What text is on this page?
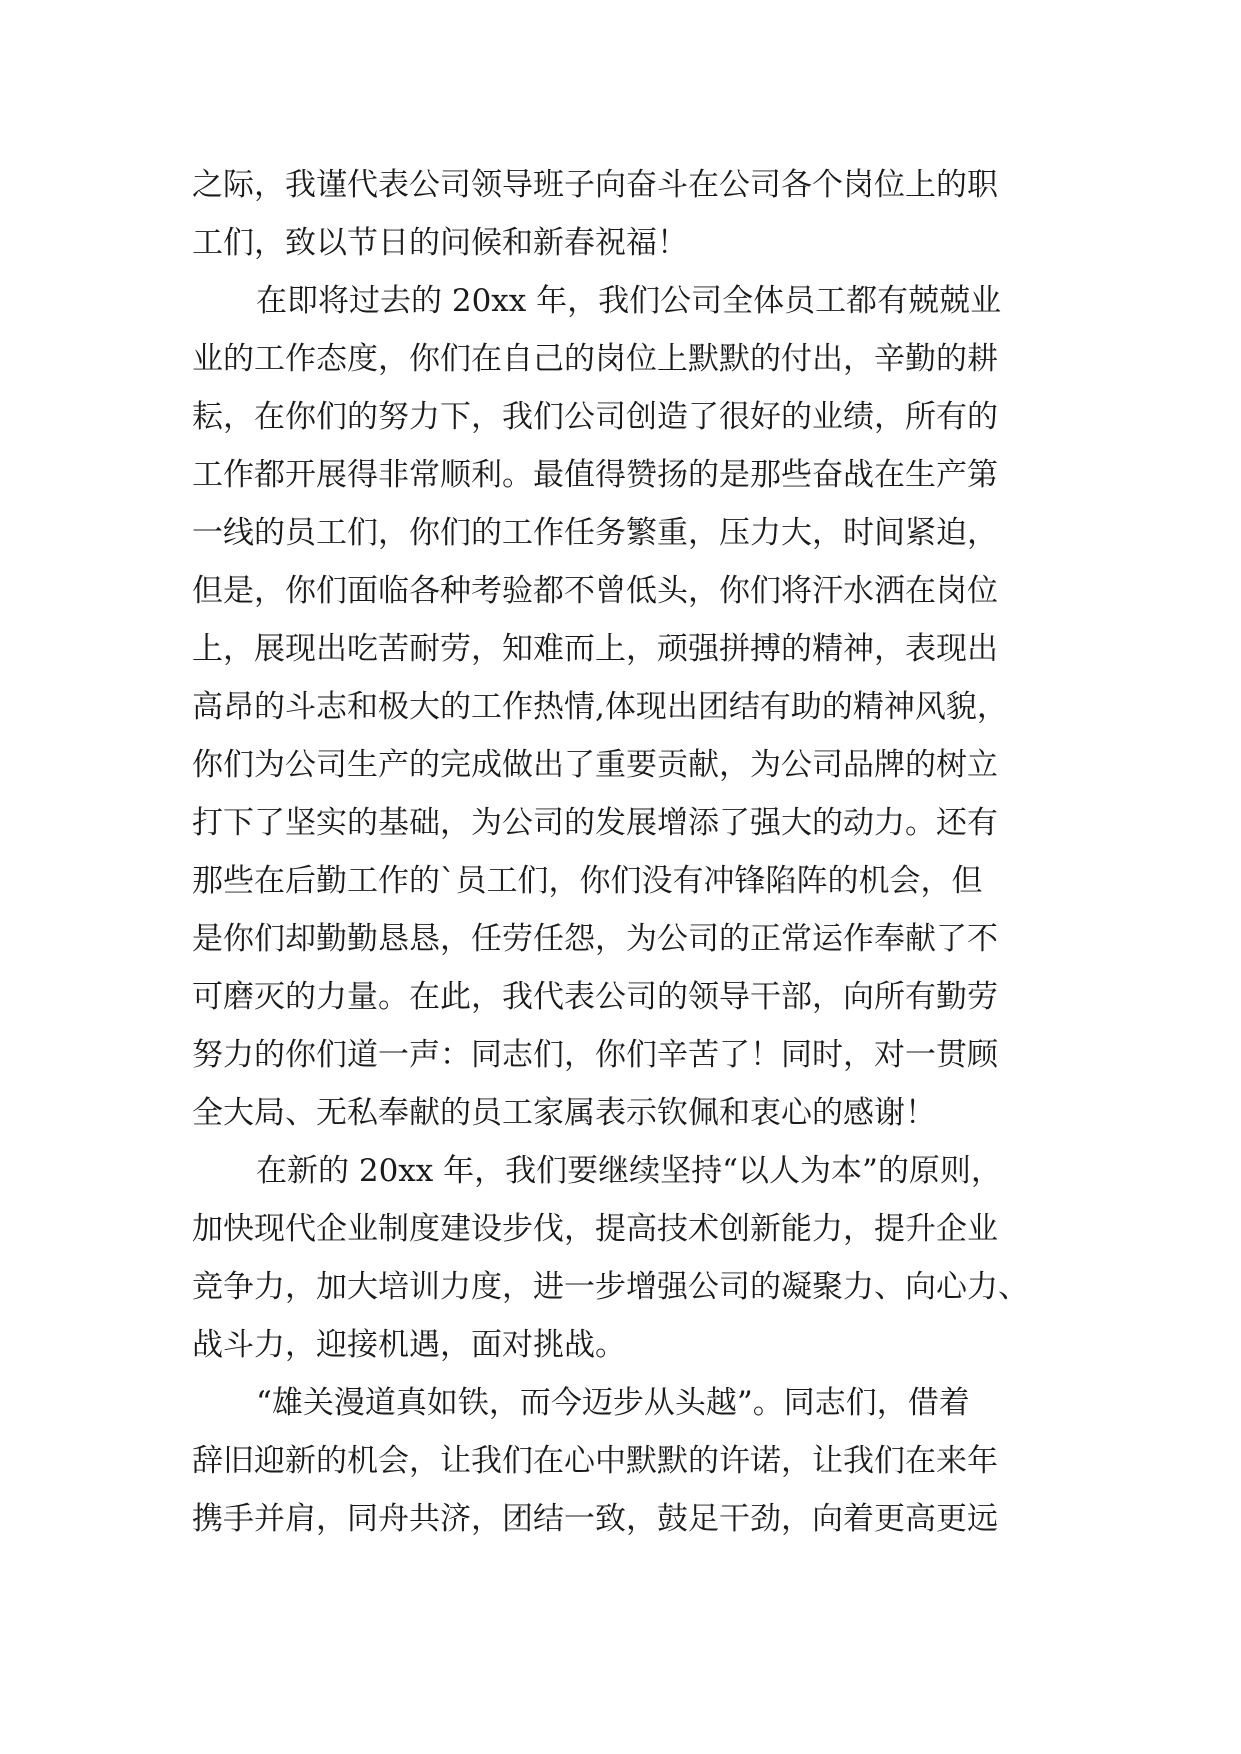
之际，我谨代表公司领导班子向奋斗在公司各个岗位上的职
工们，致以节日的问候和新春祝福！
在即将过去的 20xx 年，我们公司全体员工都有兢兢业
业的工作态度，你们在自己的岗位上默默的付出，辛勤的耕
耘，在你们的努力下，我们公司创造了很好的业绩，所有的
工作都开展得非常顺利。最值得赞扬的是那些奋战在生产第
一线的员工们，你们的工作任务繁重，压力大，时间紧迫，
但是，你们面临各种考验都不曾低头，你们将汗水洒在岗位
上，展现出吃苦耐劳，知难而上，顽强拼搏的精神，表现出
高昂的斗志和极大的工作热情,体现出团结有助的精神风貌，
你们为公司生产的完成做出了重要贡献，为公司品牌的树立
打下了坚实的基础，为公司的发展增添了强大的动力。还有
那些在后勤工作的`员工们，你们没有冲锋陷阵的机会，但
是你们却勤勤恳恳，任劳任怨，为公司的正常运作奉献了不
可磨灭的力量。在此，我代表公司的领导干部，向所有勤劳
努力的你们道一声：同志们，你们辛苦了！同时，对一贯顾
全大局、无私奉献的员工家属表示钦佩和衷心的感谢！
在新的 20xx 年，我们要继续坚持“以人为本”的原则，
加快现代企业制度建设步伐，提高技术创新能力，提升企业
竞争力，加大培训力度，进一步增强公司的凝聚力、向心力、
战斗力，迎接机遇，面对挑战。
“雄关漫道真如铁，而今迈步从头越”。同志们，借着
辞旧迎新的机会，让我们在心中默默的许诺，让我们在来年
携手并肩，同舟共济，团结一致，鼓足干劲，向着更高更远
